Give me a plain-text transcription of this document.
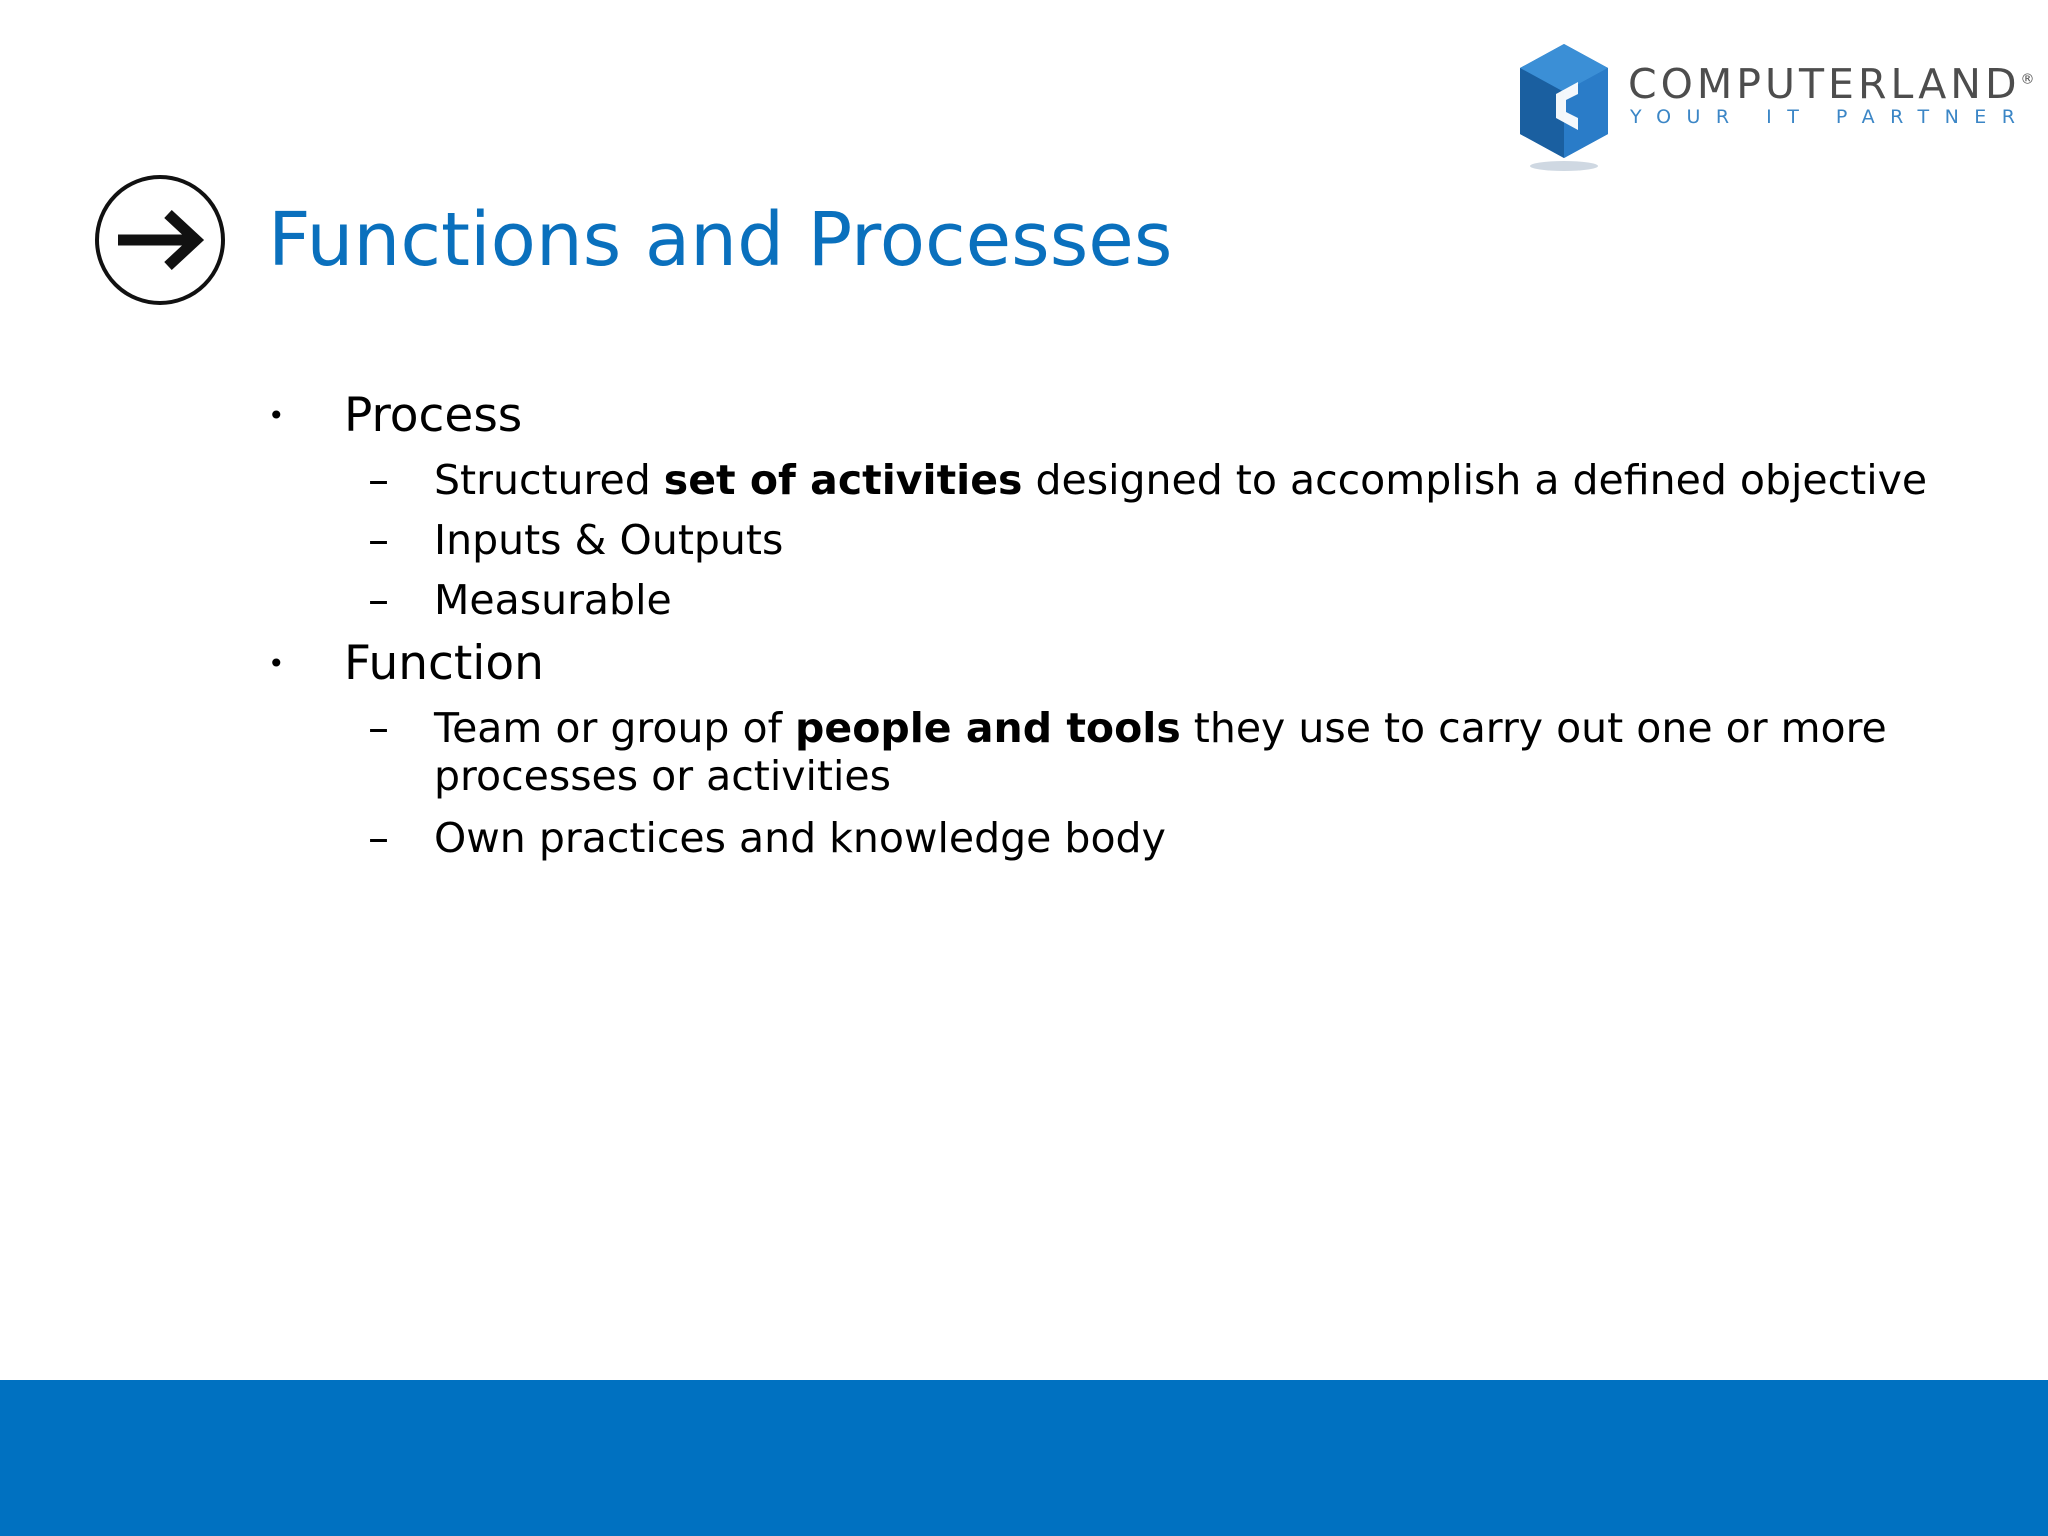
COMPUTERLAND®
YOUR IT PARTNER
Functions and Processes
• Process
– Structured set of activities designed to accomplish a defined objective
– Inputs & Outputs
– Measurable
• Function
– Team or group of people and tools they use to carry out one or more
processes or activities
– Own practices and knowledge body
